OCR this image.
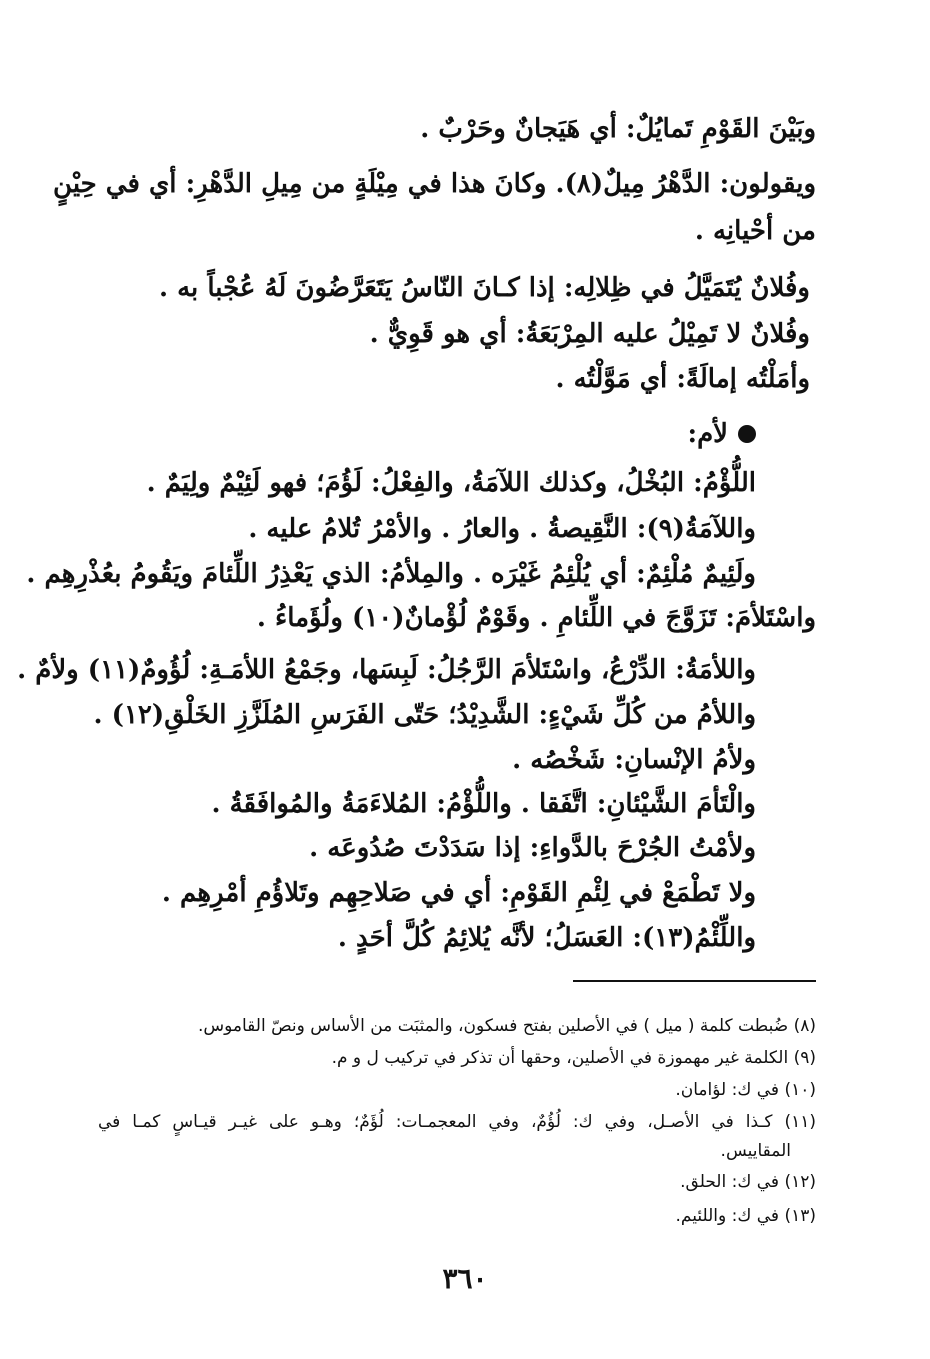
وبَيْنَ القَوْمِ تَمايُلٌ: أي هَيَجانٌ وحَرْبٌ .
ويقولون: الدَّهْرُ مِيلٌ(٨). وكانَ هذا في مِيْلَةٍ من مِيلِ الدَّهْرِ: أي في حِيْنٍ
من أحْيانِه .
وفُلانٌ يُتَمَيَّلُ في ظِلالِه: إذا كـانَ النّاسُ يَتَعَرَّضُونَ لَهُ عُجْباً به .
وفُلانٌ لا تَمِيْلُ عليه المِرْبَعَةُ: أي هو قَوِيٌّ .
وأمَلْتُه إمالَةً: أي مَوَّلْتُه .
لأم:
اللُّؤْمُ: البُخْلُ، وكذلك اللآمَةُ، والفِعْلُ: لَؤُمَ؛ فهو لَئِيْمٌ ولِيَمٌ .
واللآمَةُ(٩): النَّقِيصةُ . والعارُ . والأمْرُ تُلامُ عليه .
ولَئِيمٌ مُلْئِمٌ: أي يُلْئِمُ غَيْرَه . والمِلأمُ: الذي يَعْذِرُ اللِّئامَ ويَقُومُ بعُذْرِهِم .
واسْتَلأمَ: تَزَوَّجَ في اللِّئامِ . وقَوْمٌ لُؤْمانٌ(١٠) ولُؤَماءُ .
واللأمَةُ: الدِّرْعُ، واسْتَلأمَ الرَّجُلُ: لَبِسَها، وجَمْعُ اللأمَـةِ: لُؤُومٌ(١١) ولأمٌ .
واللأمُ من كُلِّ شَيْءٍ: الشَّدِيْدُ؛ حَتّى الفَرَسِ المُلَزَّزِ الخَلْقِ(١٢) .
ولأمُ الإنْسانِ: شَخْصُه .
والْتَأمَ الشَّيْئانِ: اتَّفَقا . واللُّؤْمُ: المُلاءَمَةُ والمُوافَقَةُ .
ولأمْتُ الجُرْحَ بالدَّواءِ: إذا سَدَدْتَ صُدُوعَه .
ولا تَطْمَعْ في لِئْمِ القَوْمِ: أي في صَلاحِهِم وتَلاؤُمِ أمْرِهِم .
واللِّئْمُ(١٣): العَسَلُ؛ لأنَّه يُلائِمُ كُلَّ أحَدٍ .
(٨) ضُبطت كلمة ( ميل ) في الأصلين بفتح فسكون، والمثبَت من الأساس ونصّ القاموس.
(٩) الكلمة غير مهموزة في الأصلين، وحقها أن تذكر في تركيب ل و م.
(١٠) في ك: لؤامان.
(١١) كـذا في الأصـل، وفي ك: لُؤُمٌ، وفي المعجمـات: لُؤَمٌ؛ وهـو على غيـر قيـاسٍ كمـا في
المقاييس.
(١٢) في ك: الحلق.
(١٣) في ك: واللئيم.
٣٦٠
